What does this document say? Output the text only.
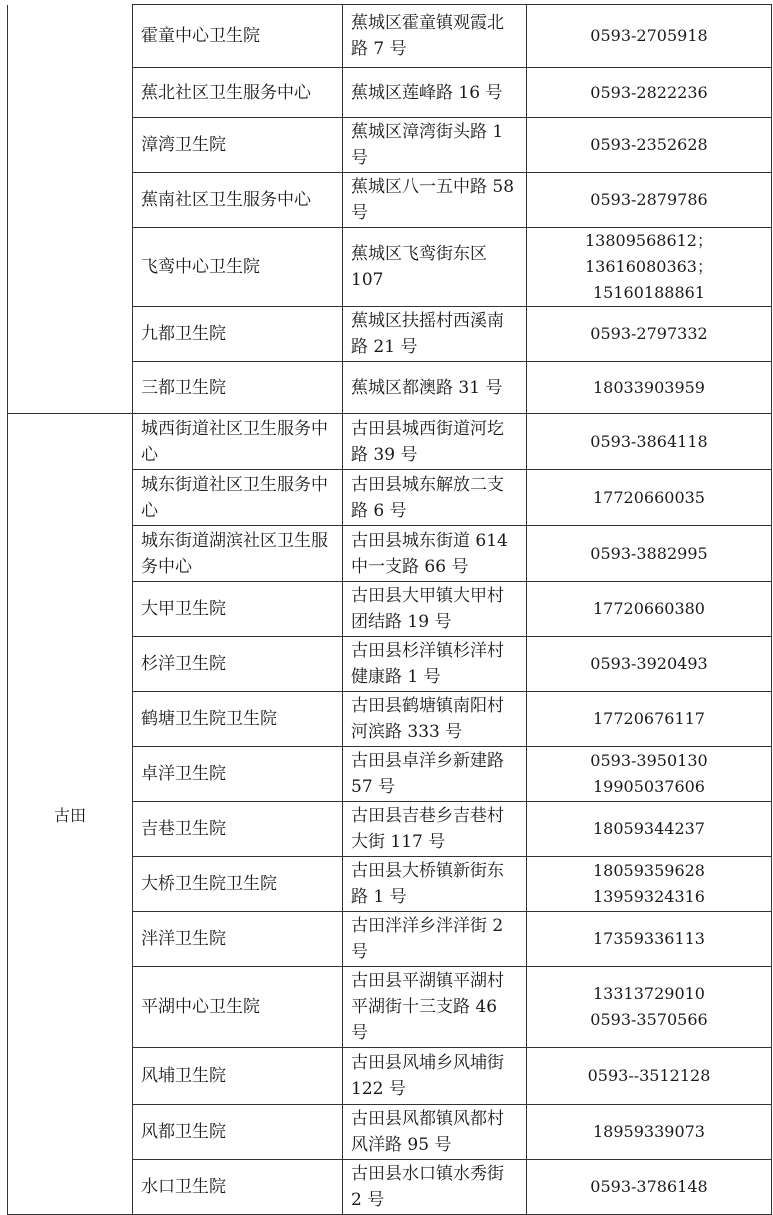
	霍童中心卫生院	蕉城区霍童镇观霞北路 7 号	0593-2705918
	蕉北社区卫生服务中心	蕉城区莲峰路 16 号	0593-2822236
	漳湾卫生院	蕉城区漳湾街头路 1 号	0593-2352628
	蕉南社区卫生服务中心	蕉城区八一五中路 58 号	0593-2879786
	飞鸾中心卫生院	蕉城区飞鸾街东区 107	13809568612；
13616080363；15160188861

	九都卫生院	蕉城区扶摇村西溪南路 21 号	0593-2797332
	三都卫生院	蕉城区都澳路 31 号	18033903959
古田	城西街道社区卫生服务中心	古田县城西街道河圪路 39 号	0593-3864118
	城东街道社区卫生服务中心	古田县城东解放二支路 6 号	17720660035
	城东街道湖滨社区卫生服务中心	古田县城东街道 614 中一支路 66 号	0593-3882995
	大甲卫生院	古田县大甲镇大甲村团结路 19 号	17720660380
	杉洋卫生院	古田县杉洋镇杉洋村健康路 1 号	0593-3920493
	鹤塘卫生院卫生院	古田县鹤塘镇南阳村河滨路 333 号	17720676117
	卓洋卫生院	古田县卓洋乡新建路 57 号	0593-3950130
19905037606

	吉巷卫生院	古田县吉巷乡吉巷村大街 117 号	18059344237
	大桥卫生院卫生院	古田县大桥镇新街东路 1 号	18059359628
13959324316

	泮洋卫生院	古田泮洋乡泮洋街 2 号	17359336113
	平湖中心卫生院	古田县平湖镇平湖村平湖街十三支路 46 号	13313729010
0593-3570566

	风埔卫生院	古田县风埔乡风埔街 122 号	0593--3512128
	风都卫生院	古田县风都镇风都村风洋路 95 号	18959339073
	水口卫生院	古田县水口镇水秀街 2 号	0593-3786148
